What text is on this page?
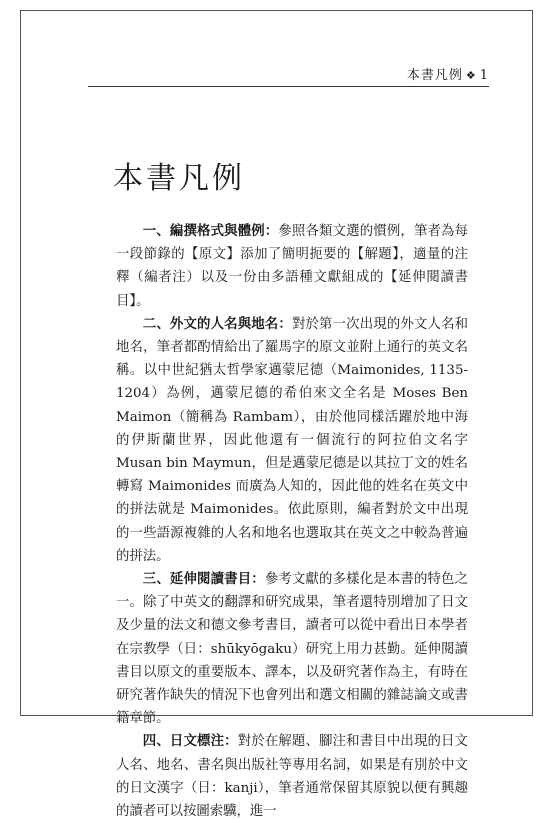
本書凡例 ❖ 1
本書凡例

一、編撰格式與體例：參照各類文選的慣例，筆者為每一段節錄的【原文】添加了簡明扼要的【解題】，適量的注釋（編者注）以及一份由多語種文獻組成的【延伸閱讀書目】。

二、外文的人名與地名：對於第一次出現的外文人名和地名，筆者都酌情給出了羅馬字的原文並附上通行的英文名稱。以中世紀猶太哲學家邁蒙尼德（Maimonides, 1135-1204）為例，邁蒙尼德的希伯來文全名是 Moses Ben Maimon（簡稱為 Rambam），由於他同樣活躍於地中海的伊斯蘭世界，因此他還有一個流行的阿拉伯文名字 Musan bin Maymun，但是邁蒙尼德是以其拉丁文的姓名轉寫 Maimonides 而廣為人知的，因此他的姓名在英文中的拼法就是 Maimonides。依此原則，編者對於文中出現的一些語源複雜的人名和地名也選取其在英文之中較為普遍的拼法。

三、延伸閱讀書目：參考文獻的多樣化是本書的特色之一。除了中英文的翻譯和研究成果，筆者還特別增加了日文及少量的法文和德文參考書目，讀者可以從中看出日本學者在宗教學（日：shūkyōgaku）研究上用力甚勤。延伸閱讀書目以原文的重要版本、譯本，以及研究著作為主，有時在研究著作缺失的情況下也會列出和選文相關的雜誌論文或書籍章節。

四、日文標注：對於在解題、腳注和書目中出現的日文人名、地名、書名與出版社等專用名詞，如果是有別於中文的日文漢字（日：kanji），筆者通常保留其原貌以便有興趣的讀者可以按圖索驥，進一
